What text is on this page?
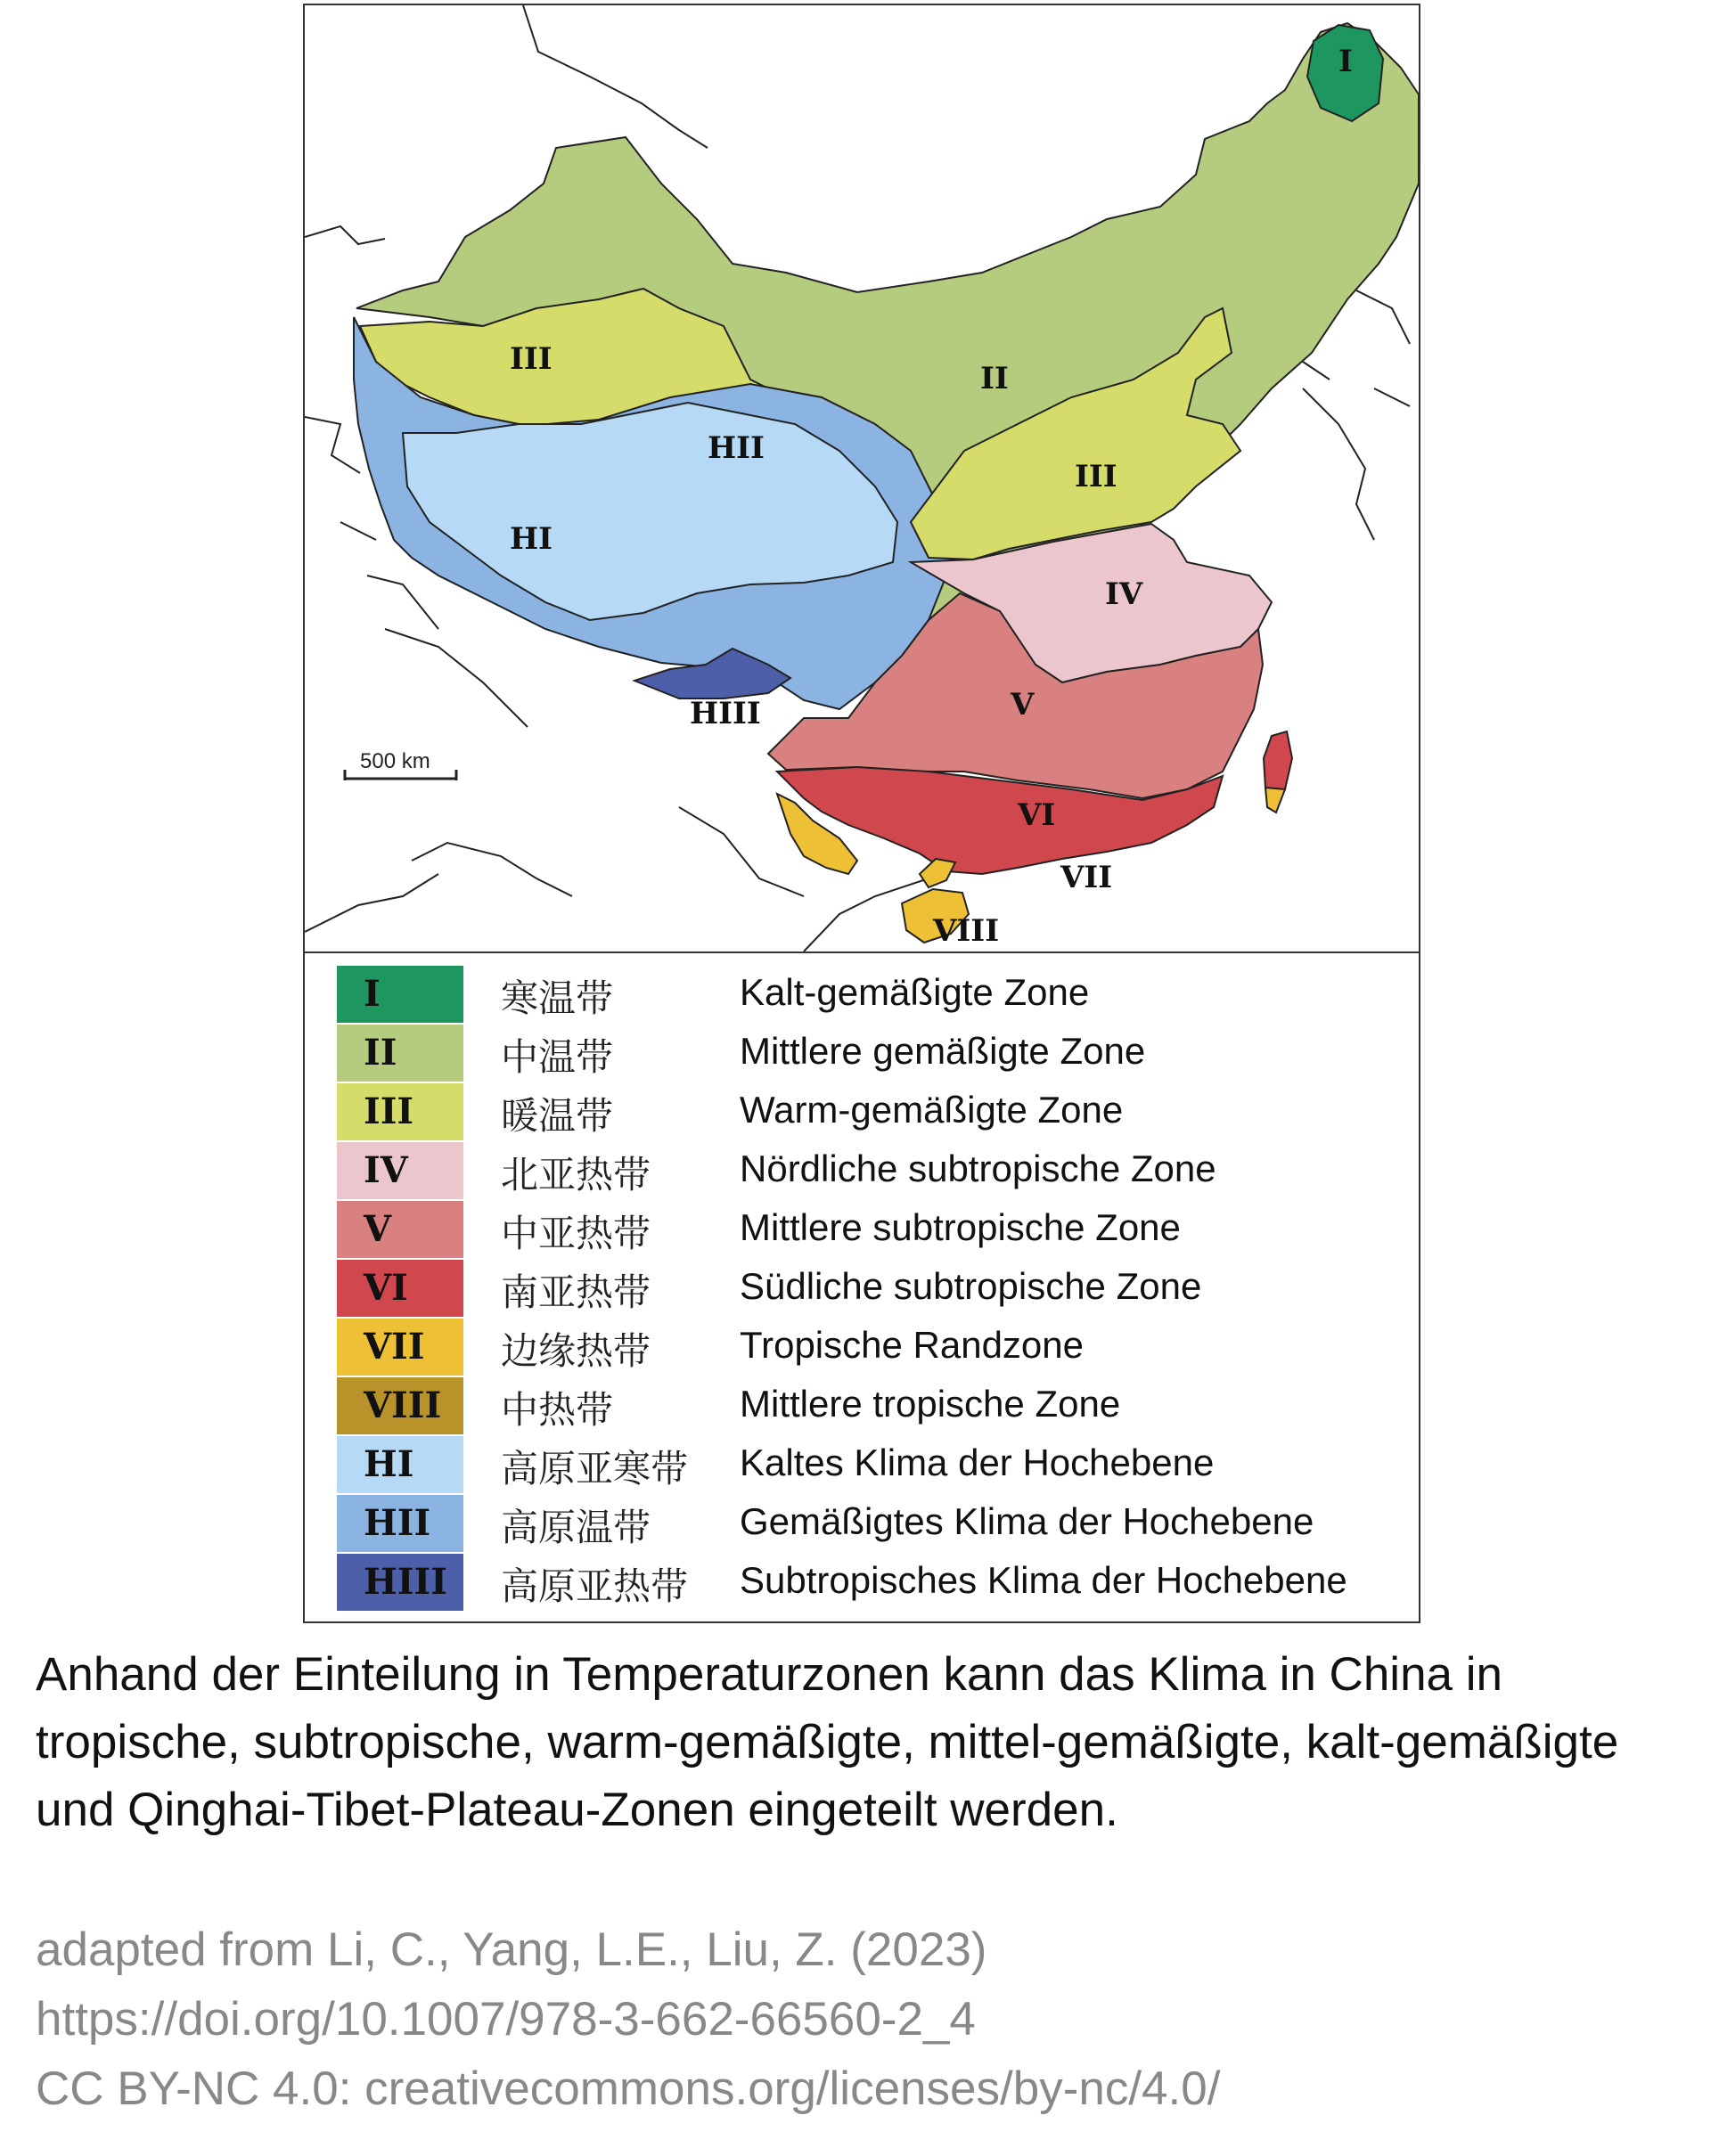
500 km
I
II
III
III
HII
HI
IV
V
VI
VII
VIII
HIII
I	寒温带	Kalt-gemäßigte Zone
II	中温带	Mittlere gemäßigte Zone
III 暖温带	Warm-gemäßigte Zone
IV 北亚热带 Nördliche subtropische Zone
V	中亚热带 Mittlere subtropische Zone
VI 南亚热带 Südliche subtropische Zone
VII 边缘热带 Tropische Randzone
VIII 中热带	Mittlere tropische Zone
HI 高原亚寒带 Kaltes Klima der Hochebene
HII 高原温带 Gemäßigtes Klima der Hochebene
HIII 高原亚热带 Subtropisches Klima der Hochebene

Anhand der Einteilung in Temperaturzonen kann das Klima in China in tropische, subtropische, warm-gemäßigte, mittel-gemäßigte, kalt-gemäßigte und Qinghai-Tibet-Plateau-Zonen eingeteilt werden.

adapted from Li, C., Yang, L.E., Liu, Z. (2023)
https://doi.org/10.1007/978-3-662-66560-2_4
CC BY-NC 4.0: creativecommons.org/licenses/by-nc/4.0/
